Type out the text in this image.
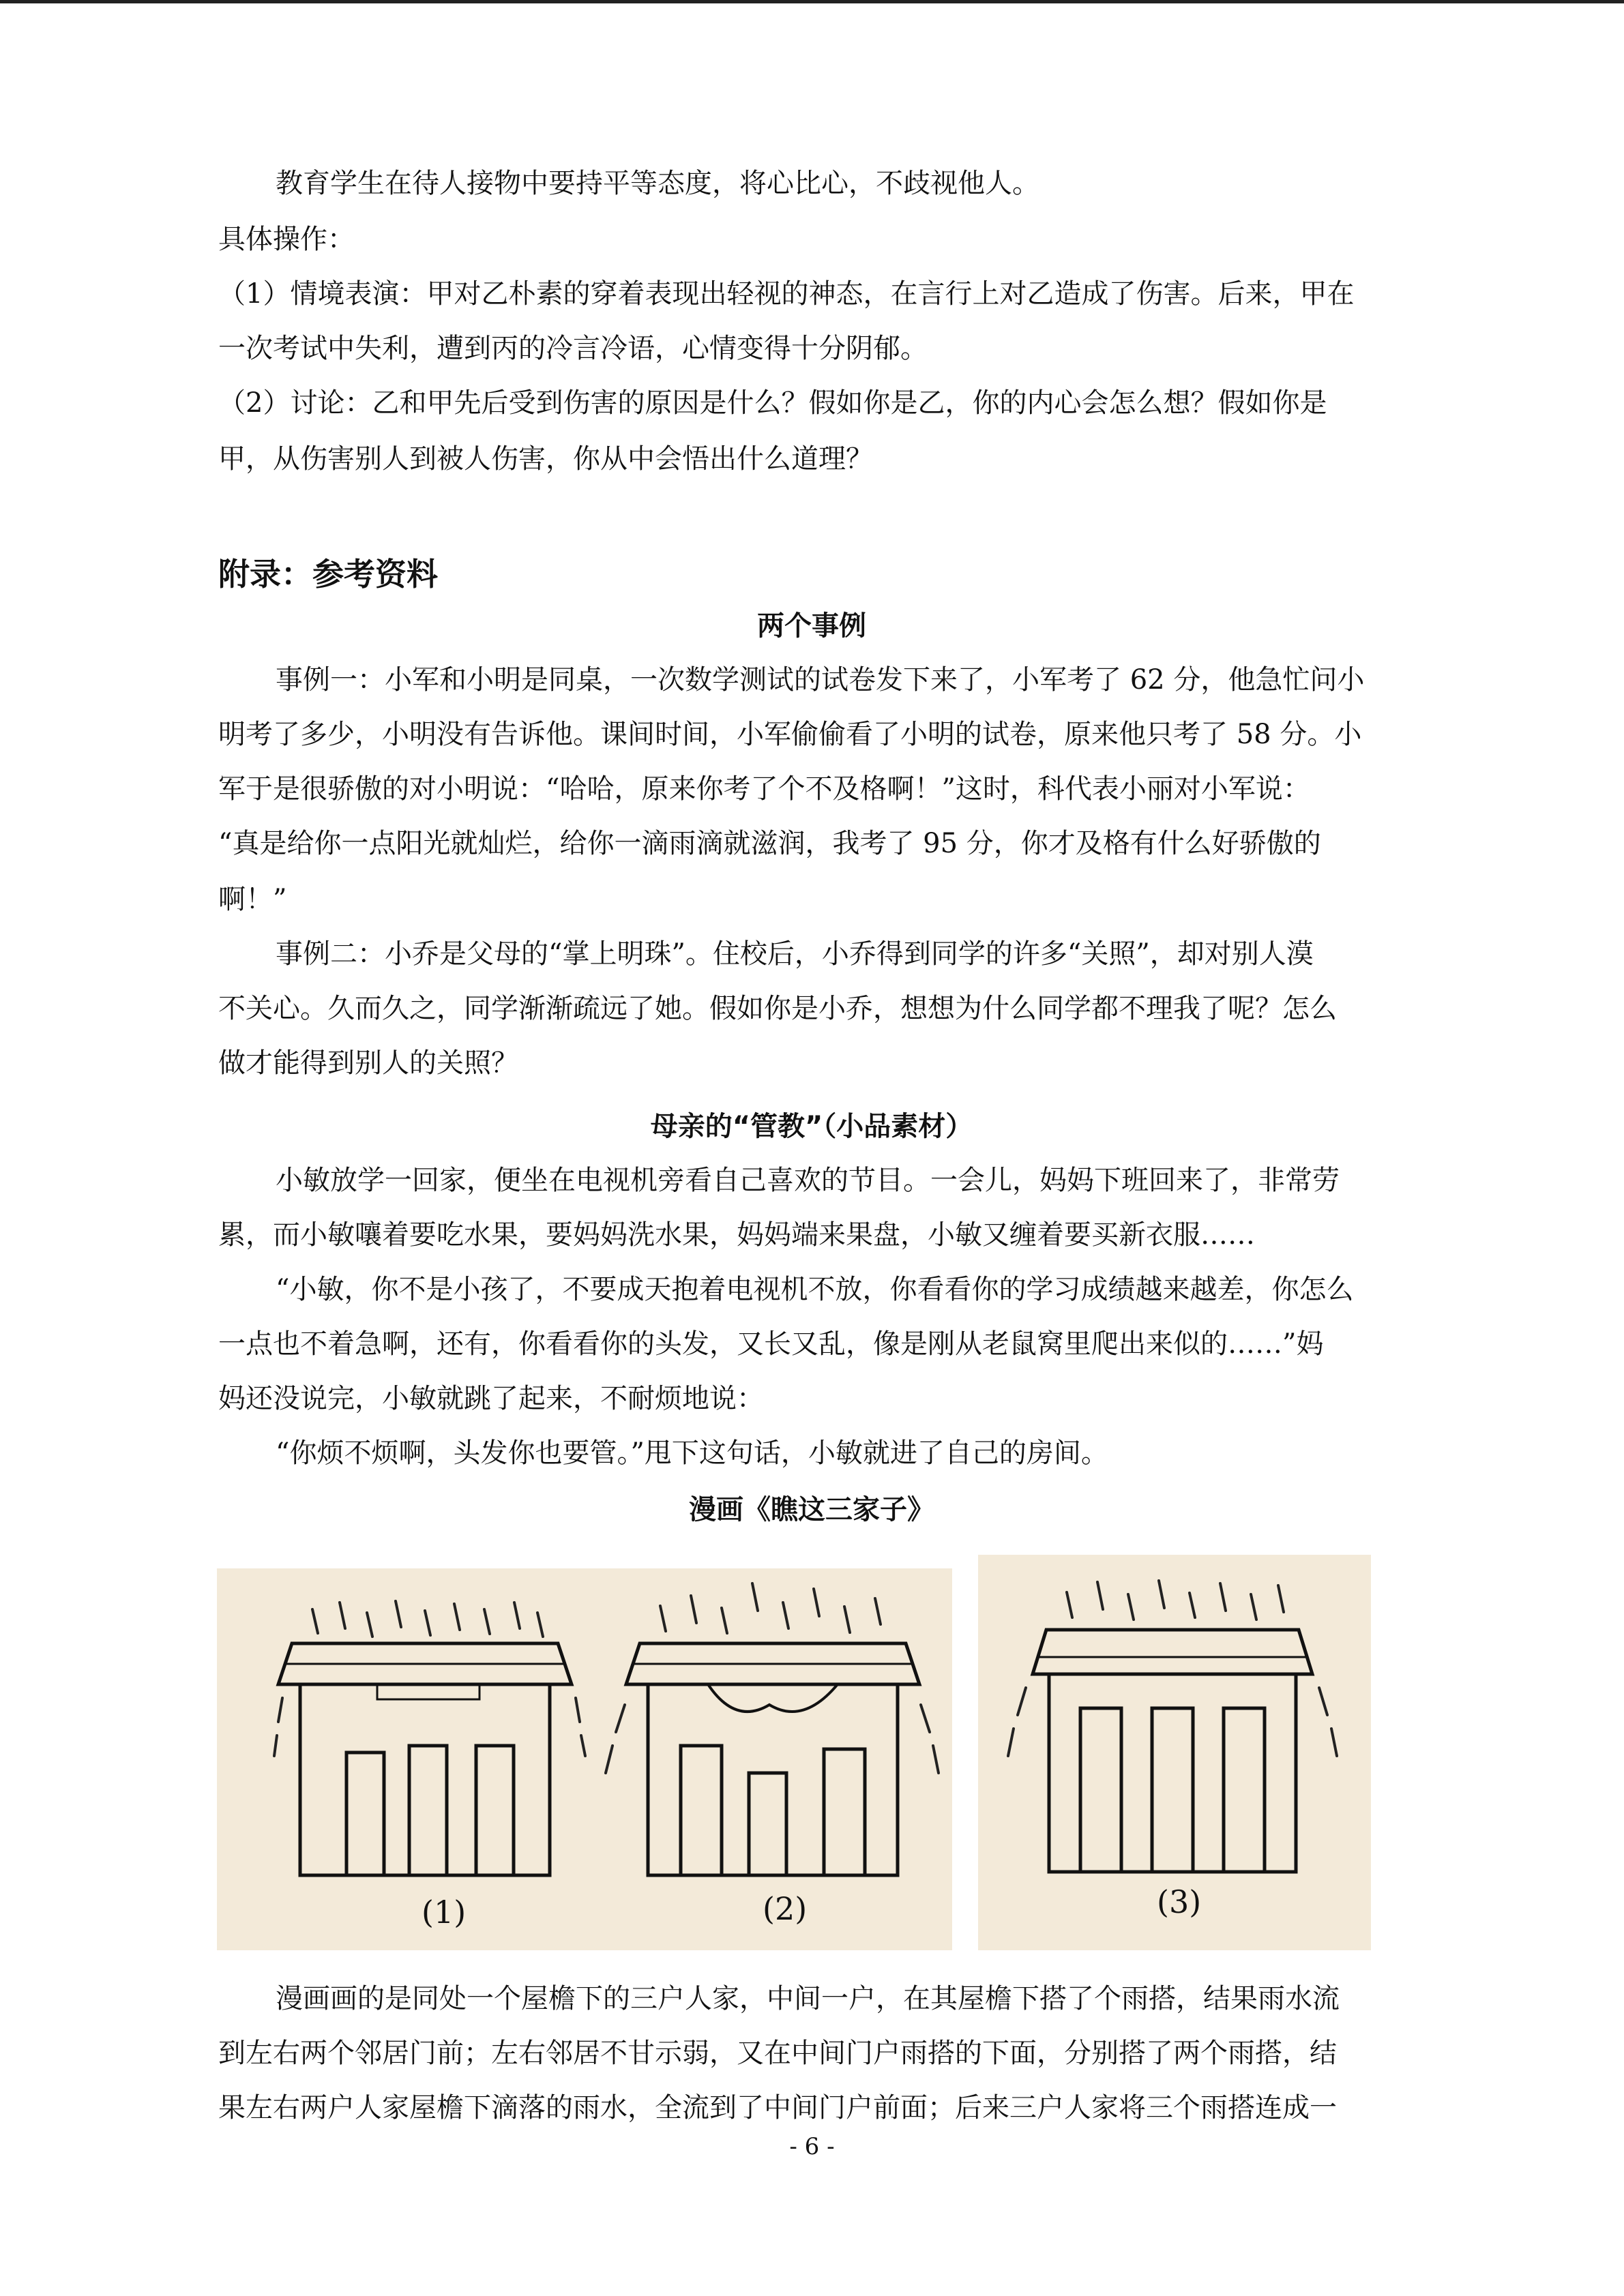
教育学生在待人接物中要持平等态度，将心比心，不歧视他人。
具体操作：
（1）情境表演：甲对乙朴素的穿着表现出轻视的神态，在言行上对乙造成了伤害。后来，甲在
一次考试中失利，遭到丙的冷言冷语，心情变得十分阴郁。
（2）讨论：乙和甲先后受到伤害的原因是什么？假如你是乙，你的内心会怎么想？假如你是
甲，从伤害别人到被人伤害，你从中会悟出什么道理？
附录：参考资料
两个事例
事例一：小军和小明是同桌，一次数学测试的试卷发下来了，小军考了 62 分，他急忙问小
明考了多少，小明没有告诉他。课间时间，小军偷偷看了小明的试卷，原来他只考了 58 分。小
军于是很骄傲的对小明说：“哈哈，原来你考了个不及格啊！”这时，科代表小丽对小军说：
“真是给你一点阳光就灿烂，给你一滴雨滴就滋润，我考了 95 分，你才及格有什么好骄傲的
啊！”
事例二：小乔是父母的“掌上明珠”。住校后，小乔得到同学的许多“关照”，却对别人漠
不关心。久而久之，同学渐渐疏远了她。假如你是小乔，想想为什么同学都不理我了呢？怎么
做才能得到别人的关照？
母亲的“管教”（小品素材）
小敏放学一回家，便坐在电视机旁看自己喜欢的节目。一会儿，妈妈下班回来了，非常劳
累，而小敏嚷着要吃水果，要妈妈洗水果，妈妈端来果盘，小敏又缠着要买新衣服……
“小敏，你不是小孩了，不要成天抱着电视机不放，你看看你的学习成绩越来越差，你怎么
一点也不着急啊，还有，你看看你的头发，又长又乱，像是刚从老鼠窝里爬出来似的……”妈
妈还没说完，小敏就跳了起来，不耐烦地说：
“你烦不烦啊，头发你也要管。”甩下这句话，小敏就进了自己的房间。
漫画《瞧这三家子》
(1)	(2)	(3)
漫画画的是同处一个屋檐下的三户人家，中间一户，在其屋檐下搭了个雨搭，结果雨水流
到左右两个邻居门前；左右邻居不甘示弱，又在中间门户雨搭的下面，分别搭了两个雨搭，结
果左右两户人家屋檐下滴落的雨水，全流到了中间门户前面；后来三户人家将三个雨搭连成一
- 6 -
